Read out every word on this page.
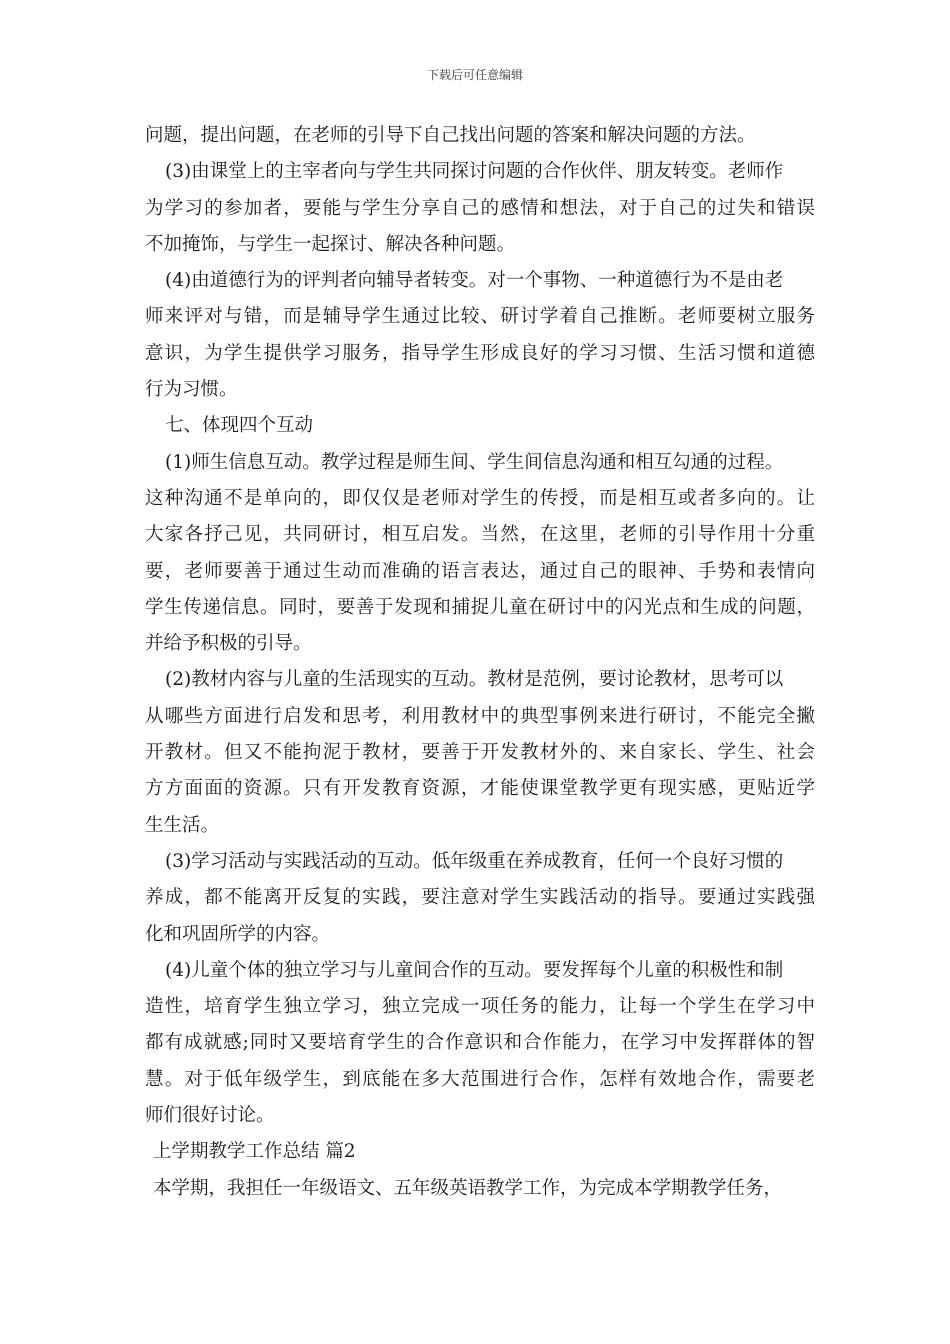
下载后可任意编辑
问题，提出问题，在老师的引导下自己找出问题的答案和解决问题的方法。
(3)由课堂上的主宰者向与学生共同探讨问题的合作伙伴、朋友转变。老师作
为学习的参加者，要能与学生分享自己的感情和想法，对于自己的过失和错误
不加掩饰，与学生一起探讨、解决各种问题。
(4)由道德行为的评判者向辅导者转变。对一个事物、一种道德行为不是由老
师来评对与错，而是辅导学生通过比较、研讨学着自己推断。老师要树立服务
意识，为学生提供学习服务，指导学生形成良好的学习习惯、生活习惯和道德
行为习惯。
七、体现四个互动
(1)师生信息互动。教学过程是师生间、学生间信息沟通和相互勾通的过程。
这种沟通不是单向的，即仅仅是老师对学生的传授，而是相互或者多向的。让
大家各抒己见，共同研讨，相互启发。当然，在这里，老师的引导作用十分重
要，老师要善于通过生动而准确的语言表达，通过自己的眼神、手势和表情向
学生传递信息。同时，要善于发现和捕捉儿童在研讨中的闪光点和生成的问题，
并给予积极的引导。
(2)教材内容与儿童的生活现实的互动。教材是范例，要讨论教材，思考可以
从哪些方面进行启发和思考，利用教材中的典型事例来进行研讨，不能完全撇
开教材。但又不能拘泥于教材，要善于开发教材外的、来自家长、学生、社会
方方面面的资源。只有开发教育资源，才能使课堂教学更有现实感，更贴近学
生生活。
(3)学习活动与实践活动的互动。低年级重在养成教育，任何一个良好习惯的
养成，都不能离开反复的实践，要注意对学生实践活动的指导。要通过实践强
化和巩固所学的内容。
(4)儿童个体的独立学习与儿童间合作的互动。要发挥每个儿童的积极性和制
造性，培育学生独立学习，独立完成一项任务的能力，让每一个学生在学习中
都有成就感;同时又要培育学生的合作意识和合作能力，在学习中发挥群体的智
慧。对于低年级学生，到底能在多大范围进行合作，怎样有效地合作，需要老
师们很好讨论。
上学期教学工作总结 篇2
本学期，我担任一年级语文、五年级英语教学工作，为完成本学期教学任务，
